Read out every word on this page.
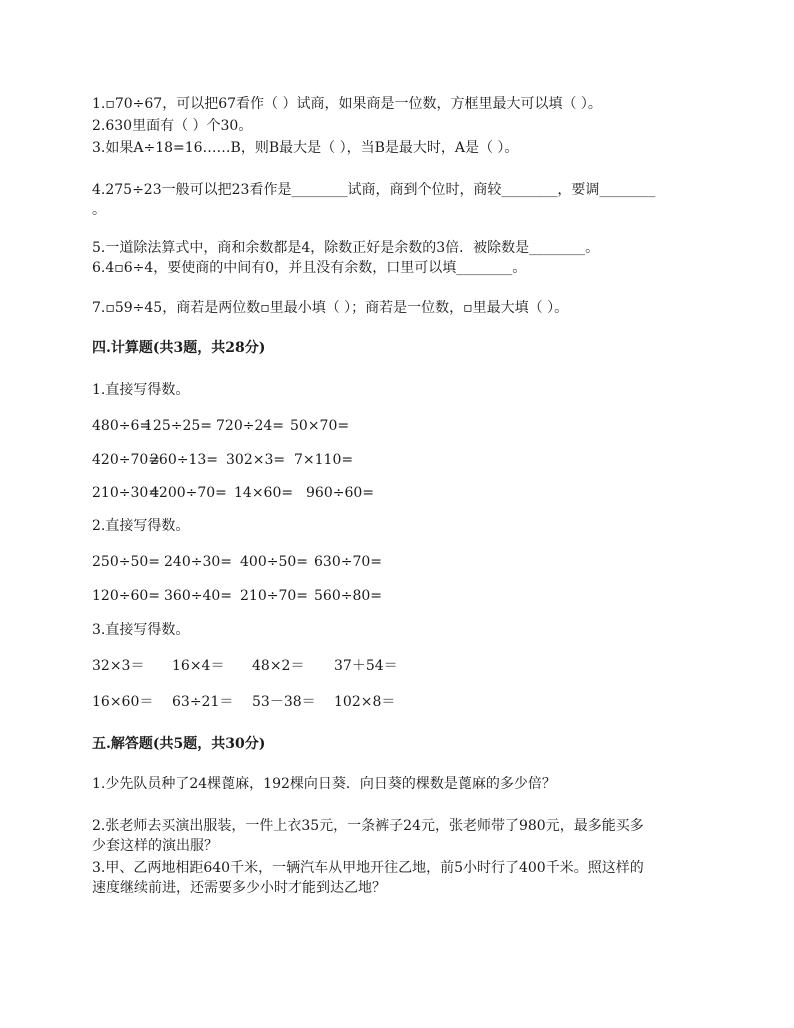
1.▫70÷67，可以把67看作（ ）试商，如果商是一位数，方框里最大可以填（ ）。
2.630里面有（ ）个30。
3.如果A÷18=16……B，则B最大是（ ），当B是最大时，A是（ ）。
4.275÷23一般可以把23看作是________试商，商到个位时，商较________，要调________
。
5.一道除法算式中，商和余数都是4，除数正好是余数的3倍．被除数是________。
6.4▫6÷4，要使商的中间有0，并且没有余数，口里可以填________。
7.▫59÷45，商若是两位数▫里最小填（ ）；商若是一位数，▫里最大填（ ）。
四.计算题(共3题，共28分)
1.直接写得数。
480÷6=125÷25= 720÷24= 50×70=
420÷70=260÷13= 302×3= 7×110=
210÷30=4200÷70= 14×60= 960÷60=
2.直接写得数。
250÷50= 240÷30= 400÷50= 630÷70=
120÷60= 360÷40= 210÷70= 560÷80=
3.直接写得数。
32×3＝ 16×4＝ 48×2＝ 37＋54＝
16×60＝ 63÷21＝ 53－38＝ 102×8＝
五.解答题(共5题，共30分)
1.少先队员种了24棵蓖麻，192棵向日葵．向日葵的棵数是蓖麻的多少倍？
2.张老师去买演出服装，一件上衣35元，一条裤子24元，张老师带了980元，最多能买多
少套这样的演出服？
3.甲、乙两地相距640千米，一辆汽车从甲地开往乙地，前5小时行了400千米。照这样的
速度继续前进，还需要多少小时才能到达乙地？
